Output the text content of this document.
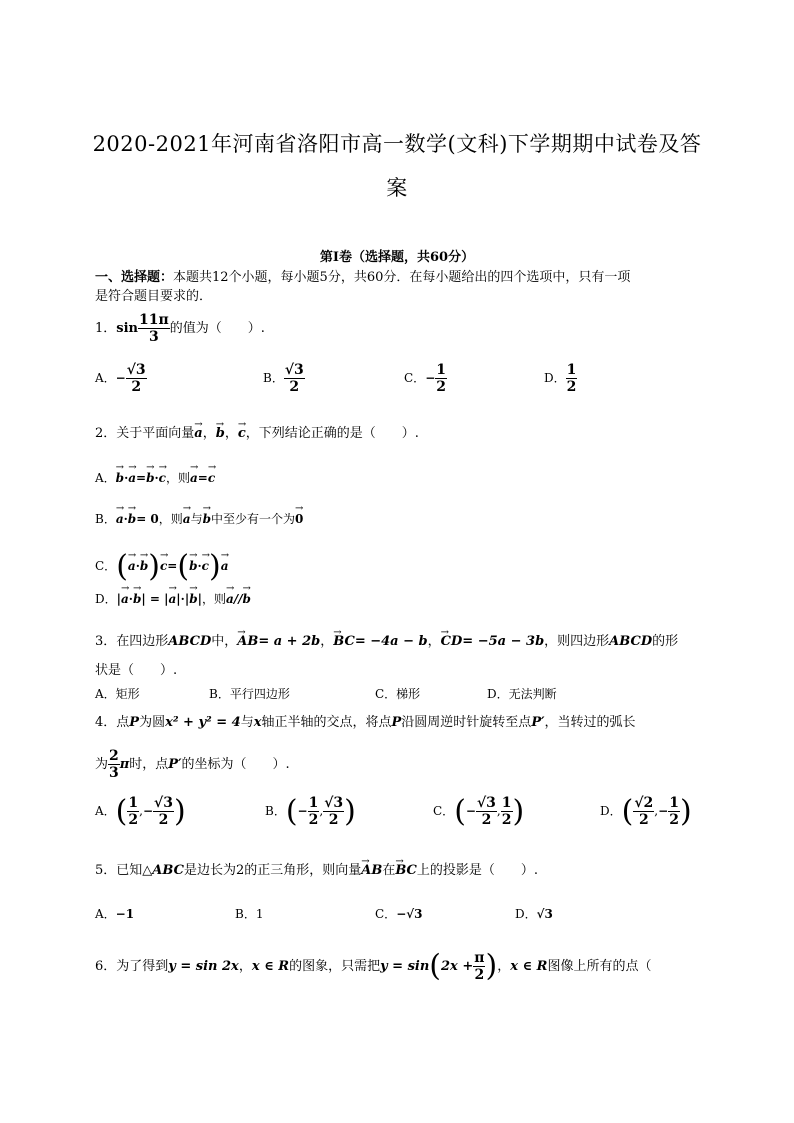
2020-2021年河南省洛阳市高一数学(文科)下学期期中试卷及答
案
第I卷（选择题，共60分）
一、选择题：本题共12个小题，每小题5分，共60分．在每小题给出的四个选项中，只有一项
是符合题目要求的．
1．$\sin \frac{11\pi}{3}$ 的值为（　　）.
A．− $\frac{√3}{2}$	B． $\frac{√3}{2}$	C．− $\frac{1}{2}$	D． $\frac{1}{2}$
2．关于平面向量→ a，→ b，→ c，下列结论正确的是（　　）.
A．→ b·→ a=→ b·→ c，则→ a=→ c
B．→ a·→ b= 0，则→ a与→ b中至少有一个为→ 0
C．(→ a·→ b)→ c=(→ b·→ c)→ a
D．|→ a·→ b| = |→ a|·|→ b|，则→ a//→ b
3．在四边形ABCD中，→ AB= a + 2b，→ BC= −4a − b，→ CD= −5a − 3b，则四边形ABCD的形
状是（　　）.
A．矩形	B．平行四边形	C．梯形	D．无法判断
4．点P为圆x² + y² = 4与x轴正半轴的交点，将点P沿圆周逆时针旋转至点P′，当转过的弧长
为 $\frac{2}{3}$ π时，点P′的坐标为（　　）.
A．( $\frac{1}{2}$ ,− $\frac{√3}{2}$ )	B．(− $\frac{1}{2}$ , $\frac{√3}{2}$ )	C．(− $\frac{√3}{2}$ , $\frac{1}{2}$ )	D．( $\frac{√2}{2}$ ,− $\frac{1}{2}$ )
5．已知△ABC是边长为2的正三角形，则向量→ AB在→ BC上的投影是（　　）.
A．−1	B．1	C．−√3	D．√3
6．为了得到y = sin 2x，x ∈ R的图象，只需把$y = \sin(2x + \frac{\pi}{2}$ )，x ∈ R图像上所有的点（
